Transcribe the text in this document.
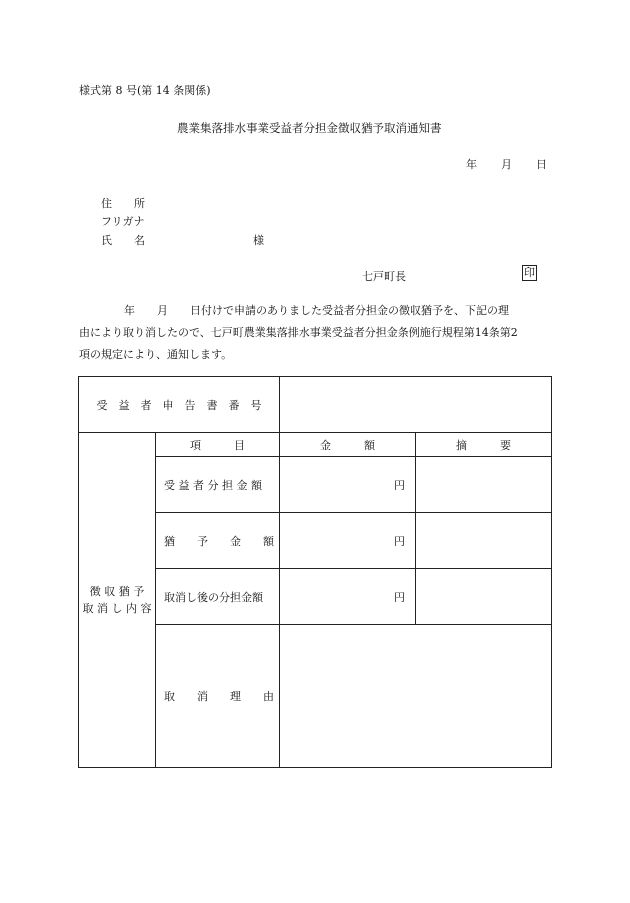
様式第 8 号(第 14 条関係)
農業集落排水事業受益者分担金徴収猶予取消通知書
年 月 日
住　　所
フリガナ
氏　　名	様
七戸町長	印
年　　月　　日付けで申請のありました受益者分担金の徴収猶予を、下記の理
由により取り消したので、七戸町農業集落排水事業受益者分担金条例施行規程第14条第2
項の規定により、通知します。
受　益　者　申　告　書　番　号			

徴 収 猶 予
取 消 し 内 容	項　　　目	金　　　額	摘　　　要
	受 益 者 分 担 金 額	円	
	猶　　予　　金　　額	円	
	取消し後の分担金額	円	
	取　　消　　理　　由		
